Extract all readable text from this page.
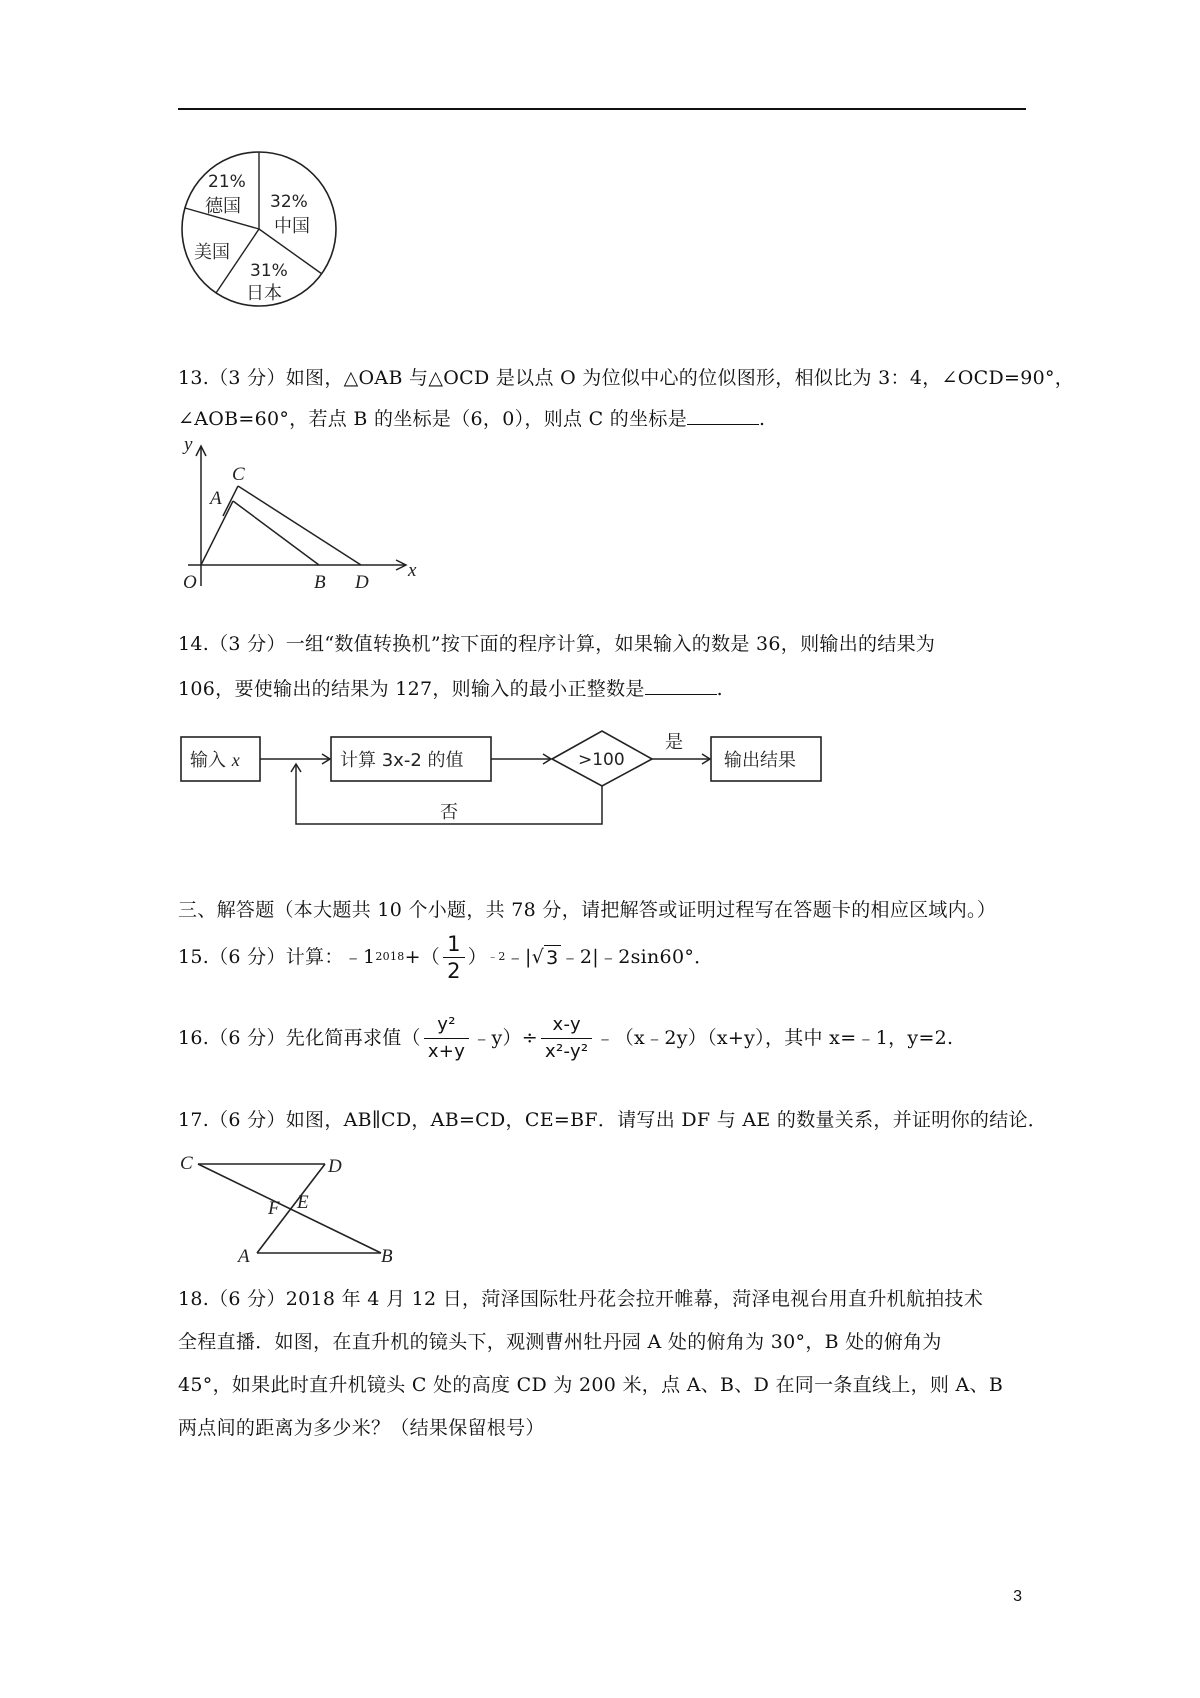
32%
中国
31%
日本
美国
21%
德国
13.（3 分）如图，△OAB 与△OCD 是以点 O 为位似中心的位似图形，相似比为 3：4，∠OCD=90°，
∠AOB=60°，若点 B 的坐标是（6，0），则点 C 的坐标是	.
y
C
A
O	B D
x
14.（3 分）一组“数值转换机”按下面的程序计算，如果输入的数是 36，则输出的结果为
106，要使输出的结果为 127，则输入的最小正整数是	.
输入 x	计算 3x-2 的值	>100
是
输出结果
否
三、解答题（本大题共 10 个小题，共 78 分，请把解答或证明过程写在答题卡的相应区域内。）
15.（6 分）计算： ﹣1 2018 +（ $\frac{1}{2}$ ） ﹣2 ﹣| √ 3 ﹣2|﹣2sin60°．
16.（6 分）先化简再求值（ $\frac{\text{y²}}{x+y}$ ﹣y）÷ $\frac{x-y}{\text{x²-y²}}$ ﹣（x﹣2y）（x+y），其中 x=﹣1，y=2.
17.（6 分）如图，AB∥CD，AB=CD，CE=BF．请写出 DF 与 AE 的数量关系，并证明你的结论．
C	D
F E
A	B
18.（6 分）2018 年 4 月 12 日，菏泽国际牡丹花会拉开帷幕，菏泽电视台用直升机航拍技术
全程直播．如图，在直升机的镜头下，观测曹州牡丹园 A 处的俯角为 30°，B 处的俯角为
45°，如果此时直升机镜头 C 处的高度 CD 为 200 米，点 A、B、D 在同一条直线上，则 A、B
两点间的距离为多少米？（结果保留根号）
3
